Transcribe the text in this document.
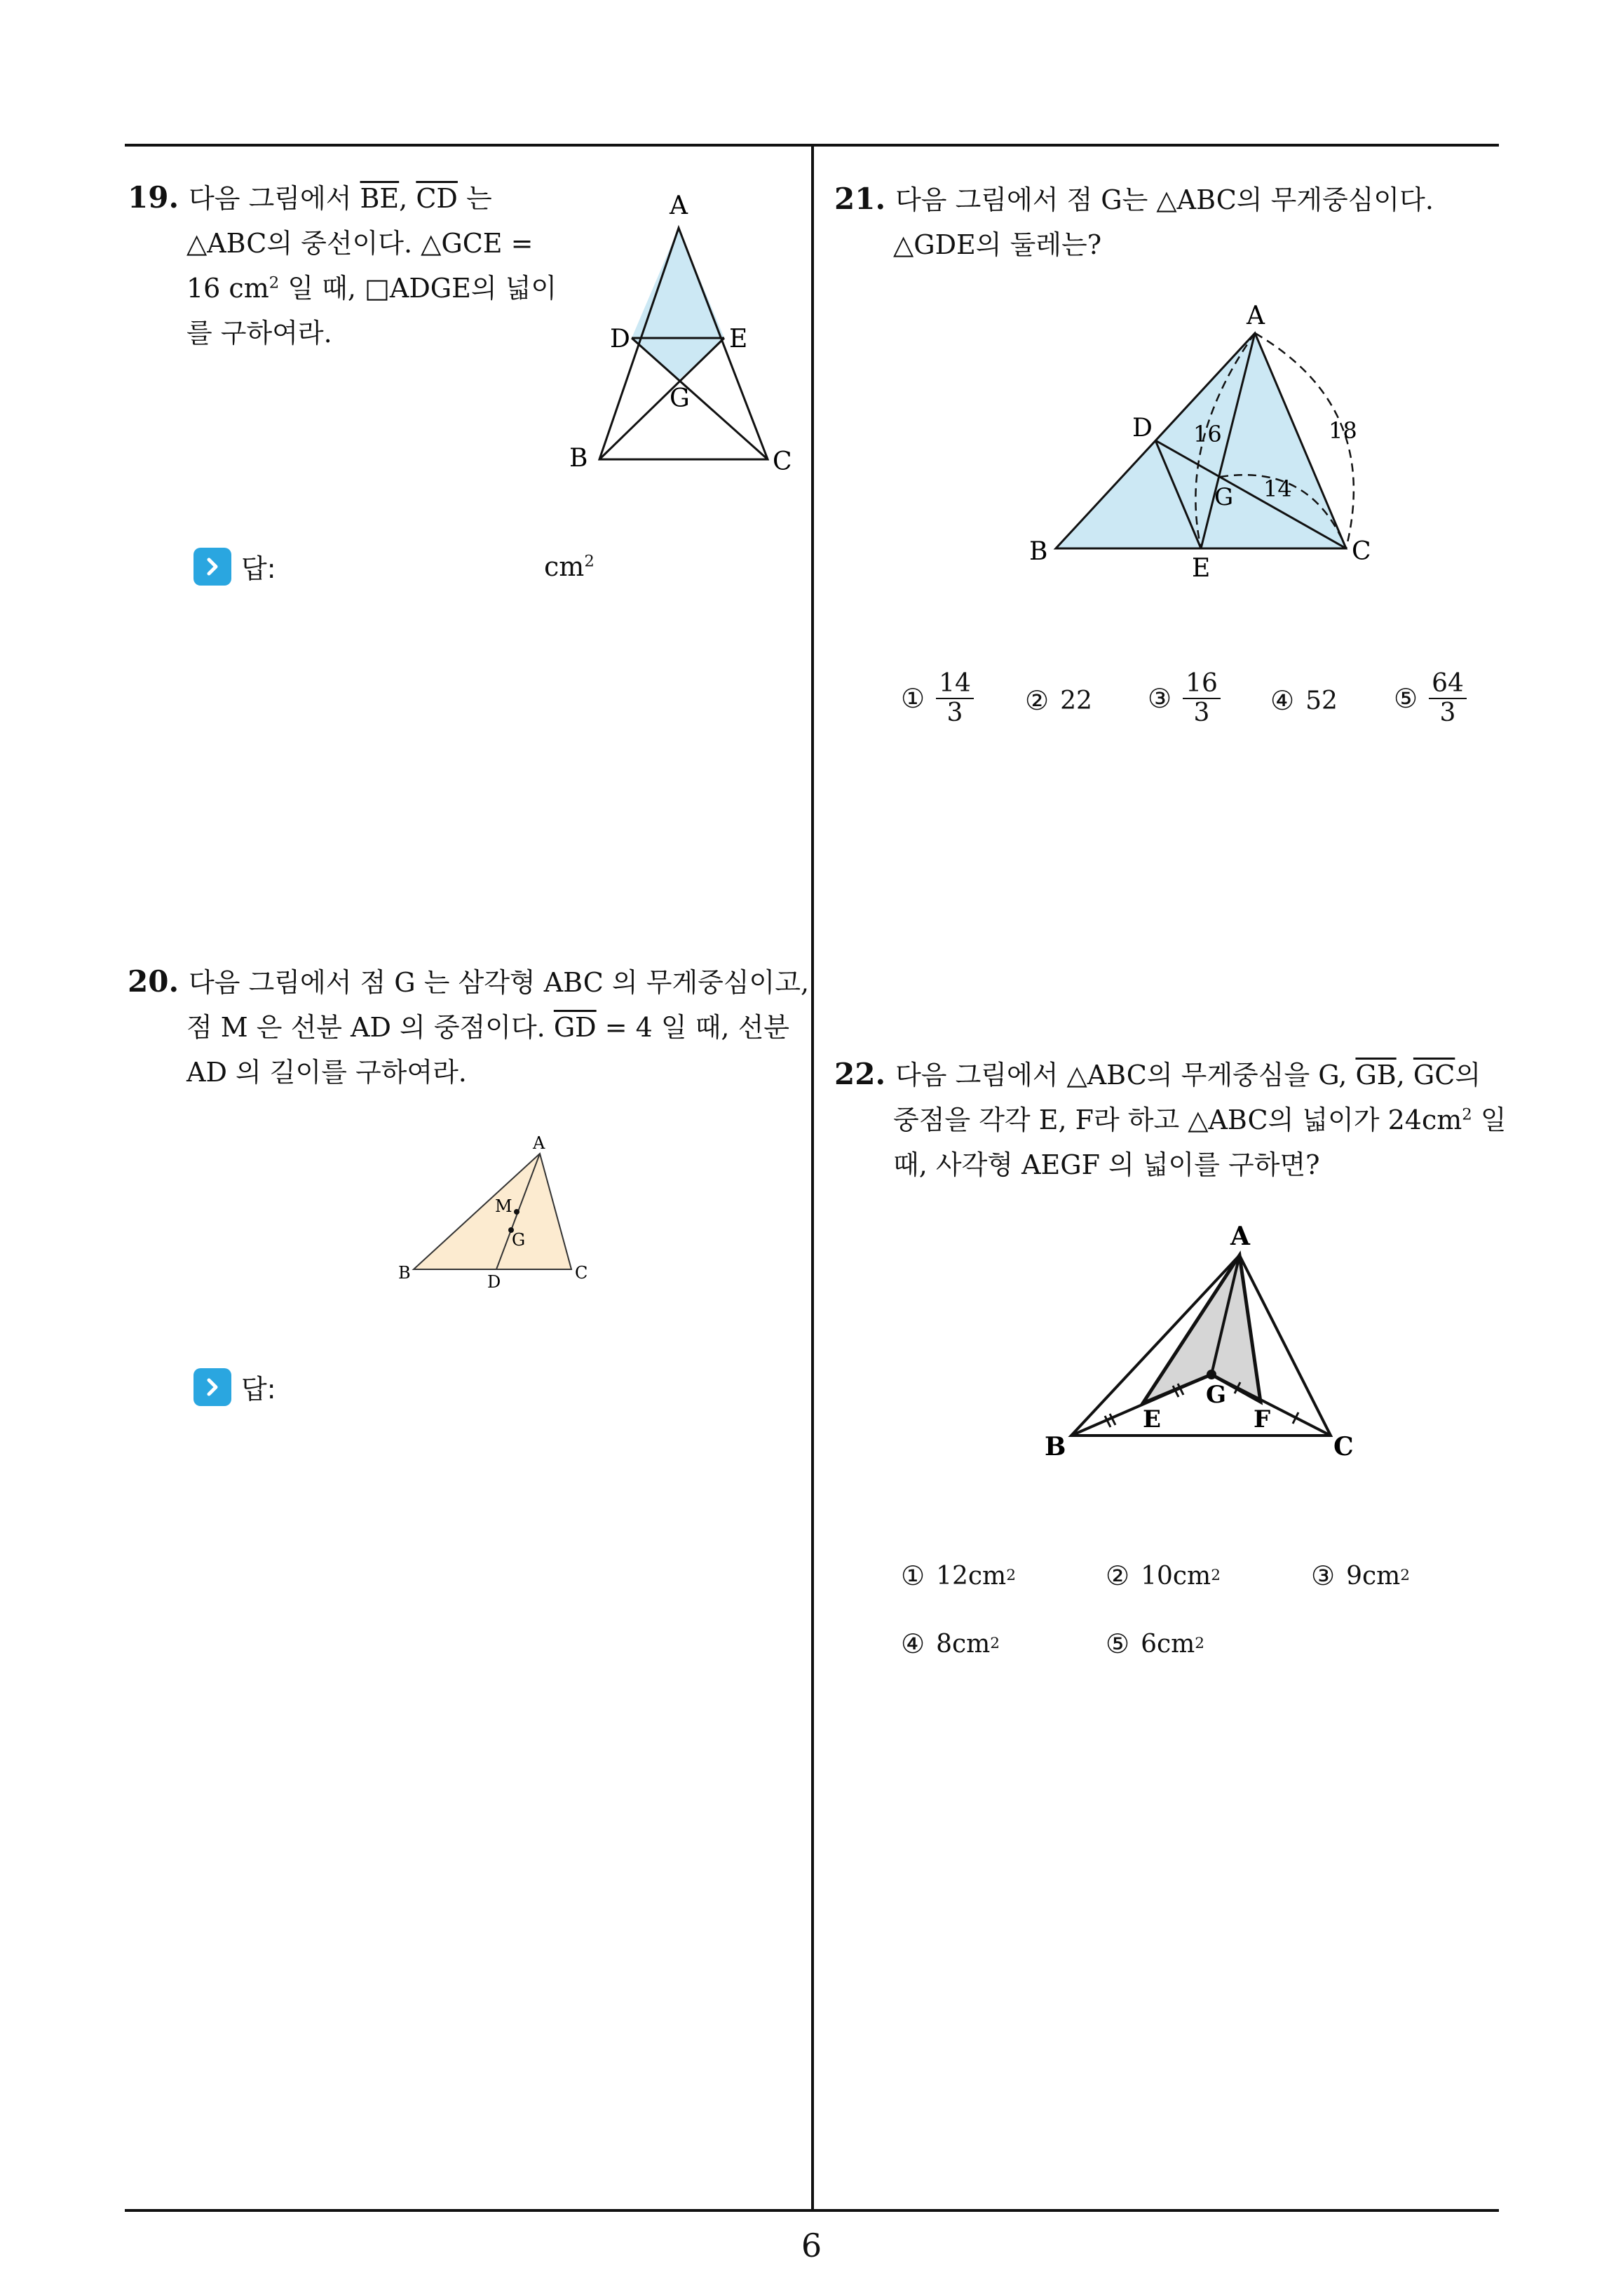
6
19. 다음 그림에서 $\overline{BE}$, $\overline{CD}$ 는
△ABC의 중선이다. △GCE =
16 $cm^2$ 일 때, □ADGE의 넓이
를 구하여라.
A
D	E
G
B	C
답:	$cm^2$
20. 다음 그림에서 점 G 는 삼각형 ABC 의 무게중심이고,
점 M 은 선분 AD 의 중점이다. $\overline{GD} = 4$ 일 때, 선분
AD 의 길이를 구하여라.
A
M
G
B	D	C
답:
21. 다음 그림에서 점 G는 △ABC의 무게중심이다.
△GDE의 둘레는?
A
D 16	18
G 14
B
E
C
① $\frac{14}{3}$ ② 22 ③ $\frac{16}{3}$ ④ 52 ⑤ $\frac{64}{3}$
22. 다음 그림에서 △ABC의 무게중심을 G, $\overline{GB}$, $\overline{GC}$의
중점을 각각 E, F라 하고 △ABC의 넓이가 $24cm^2$ 일
때, 사각형 AEGF 의 넓이를 구하면?
A
E
G
F
B	C
① 12cm 2	② 10cm 2	③ 9cm 2
④ 8cm 2	⑤ 6cm 2
